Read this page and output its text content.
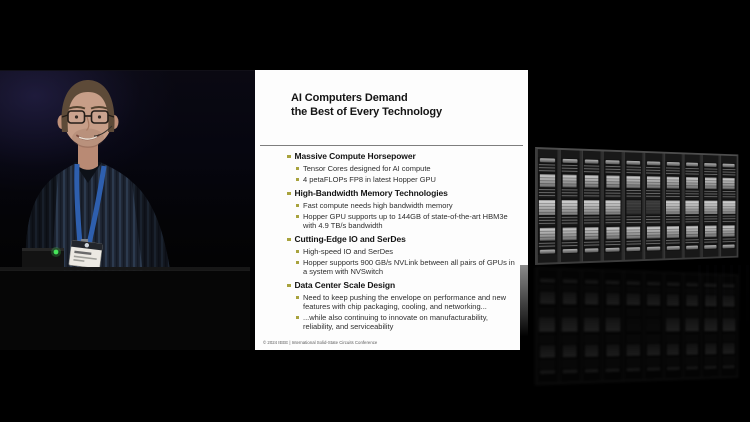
AI Computers Demand
the Best of Every Technology
Massive Compute Horsepower
Tensor Cores designed for AI compute
4 petaFLOPs FP8 in latest Hopper GPU
High-Bandwidth Memory Technologies
Fast compute needs high bandwidth memory
Hopper GPU supports up to 144GB of state-of-the-art HBM3e with 4.9 TB/s bandwidth
Cutting-Edge IO and SerDes
High-speed IO and SerDes
Hopper supports 900 GB/s NVLink between all pairs of GPUs in a system with NVSwitch
Data Center Scale Design
Need to keep pushing the envelope on performance and new features with chip packaging, cooling, and networking...
...while also continuing to innovate on manufacturability, reliability, and serviceability
© 2024 IEEE | International Solid-State Circuits Conference
